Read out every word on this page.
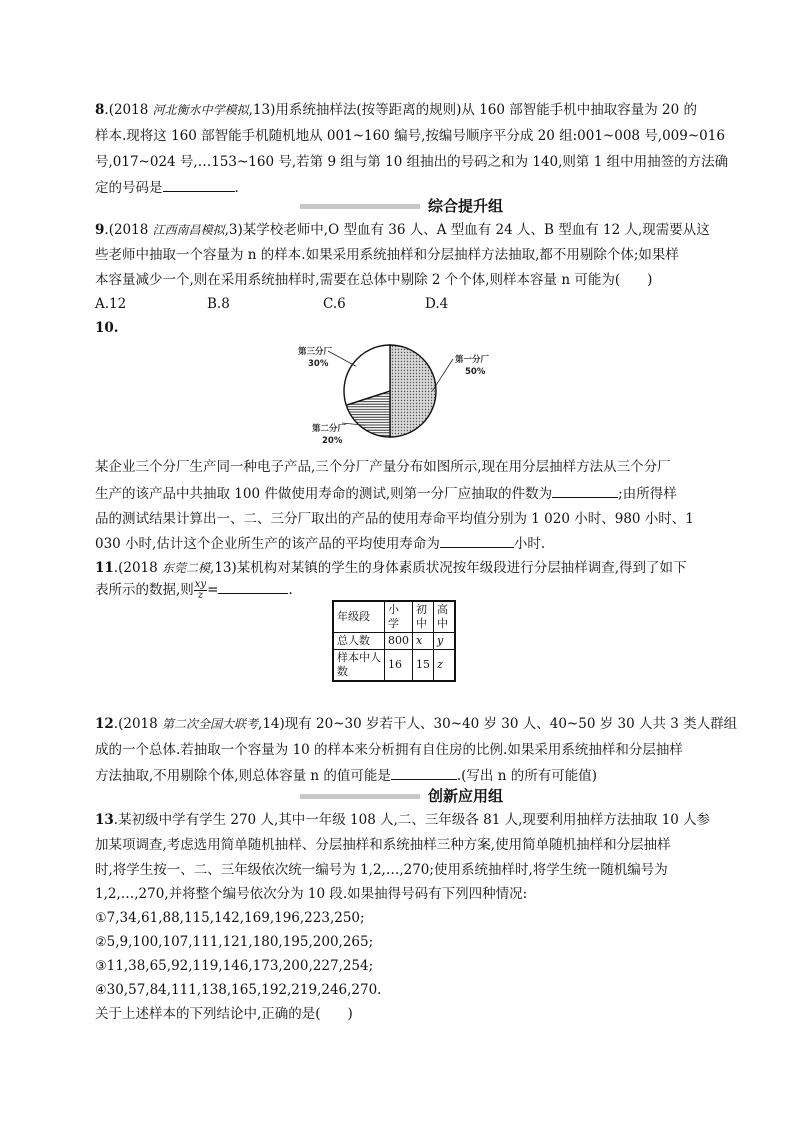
8.(2018 河北衡水中学模拟,13)用系统抽样法(按等距离的规则)从 160 部智能手机中抽取容量为 20 的
样本.现将这 160 部智能手机随机地从 001~160 编号,按编号顺序平分成 20 组:001~008 号,009~016
号,017~024 号,…153~160 号,若第 9 组与第 10 组抽出的号码之和为 140,则第 1 组中用抽签的方法确
定的号码是	.
综合提升组
9.(2018 江西南昌模拟,3)某学校老师中,O 型血有 36 人、A 型血有 24 人、B 型血有 12 人,现需要从这
些老师中抽取一个容量为 n 的样本.如果采用系统抽样和分层抽样方法抽取,都不用剔除个体;如果样
本容量减少一个,则在采用系统抽样时,需要在总体中剔除 2 个个体,则样本容量 n 可能为(　　)
A.12	B.8	C.6	D.4
10.
第一分厂
50%
第二分厂
20%
第三分厂
30%
某企业三个分厂生产同一种电子产品,三个分厂产量分布如图所示,现在用分层抽样方法从三个分厂
生产的该产品中共抽取 100 件做使用寿命的测试,则第一分厂应抽取的件数为	;由所得样
品的测试结果计算出一、二、三分厂取出的产品的使用寿命平均值分别为 1 020 小时、980 小时、1
030 小时,估计这个企业所生产的该产品的平均使用寿命为	小时.
11.(2018 东莞二模,13)某机构对某镇的学生的身体素质状况按年级段进行分层抽样调查,得到了如下
表所示的数据,则 $\frac{xy}{z}$ =	.
年级段	小学	初中	高中
总人数	800	x	y
样本中人数	16	15	z
12.(2018 第二次全国大联考,14)现有 20~30 岁若干人、30~40 岁 30 人、40~50 岁 30 人共 3 类人群组
成的一个总体.若抽取一个容量为 10 的样本来分析拥有自住房的比例.如果采用系统抽样和分层抽样
方法抽取,不用剔除个体,则总体容量 n 的值可能是	.(写出 n 的所有可能值)
创新应用组
13.某初级中学有学生 270 人,其中一年级 108 人,二、三年级各 81 人,现要利用抽样方法抽取 10 人参
加某项调查,考虑选用简单随机抽样、分层抽样和系统抽样三种方案,使用简单随机抽样和分层抽样
时,将学生按一、二、三年级依次统一编号为 1,2,…,270;使用系统抽样时,将学生统一随机编号为
1,2,…,270,并将整个编号依次分为 10 段.如果抽得号码有下列四种情况:
①7,34,61,88,115,142,169,196,223,250;
②5,9,100,107,111,121,180,195,200,265;
③11,38,65,92,119,146,173,200,227,254;
④30,57,84,111,138,165,192,219,246,270.
关于上述样本的下列结论中,正确的是(　　)
